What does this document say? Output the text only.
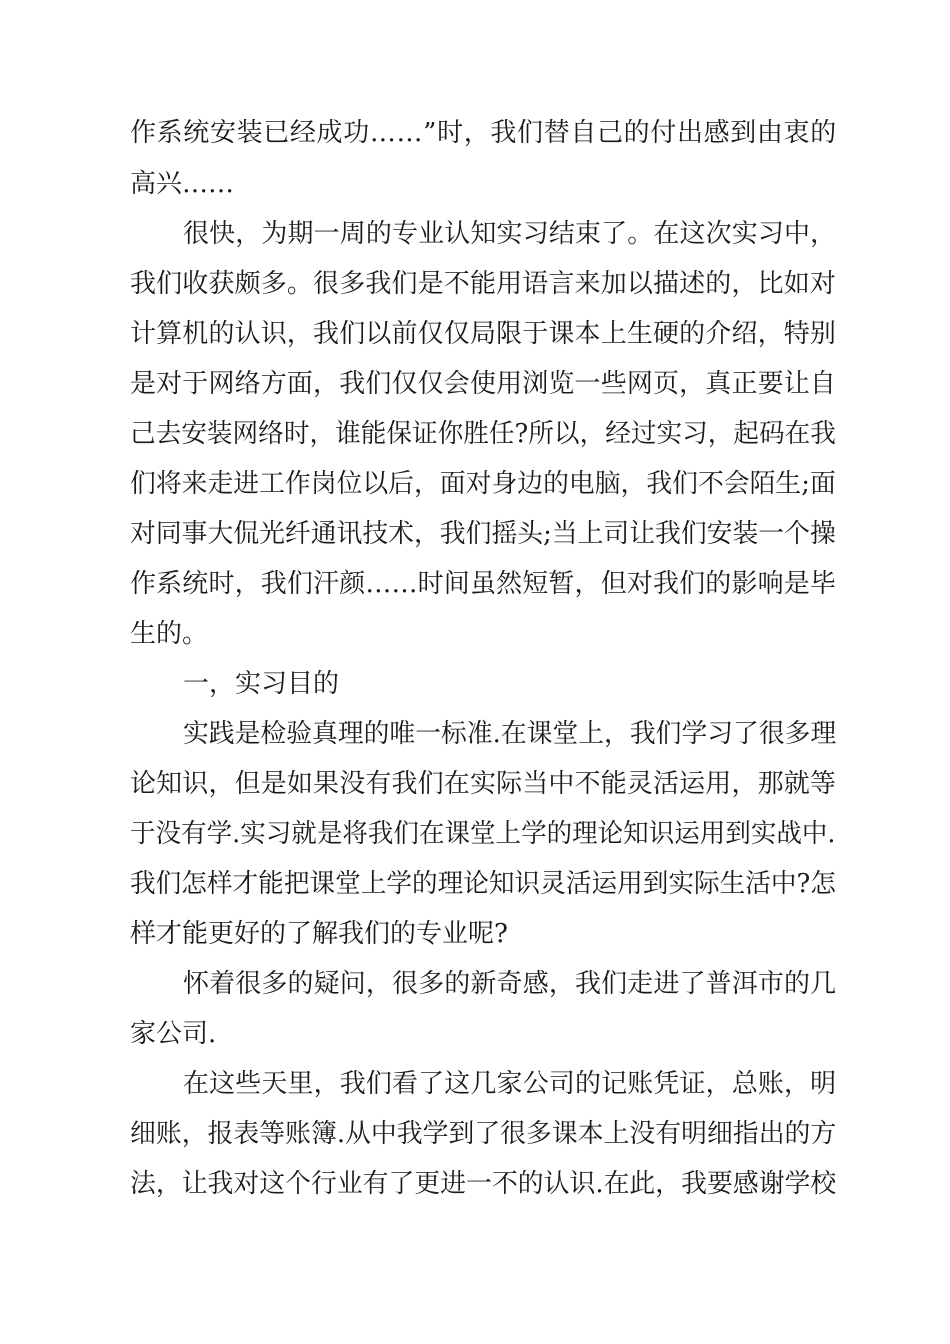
作系统安装已经成功……”时，我们替自己的付出感到由衷的

高兴……

很快，为期一周的专业认知实习结束了。在这次实习中，

我们收获颇多。很多我们是不能用语言来加以描述的，比如对

计算机的认识，我们以前仅仅局限于课本上生硬的介绍，特别

是对于网络方面，我们仅仅会使用浏览一些网页，真正要让自

己去安装网络时，谁能保证你胜任?所以，经过实习，起码在我

们将来走进工作岗位以后，面对身边的电脑，我们不会陌生;面

对同事大侃光纤通讯技术，我们摇头;当上司让我们安装一个操

作系统时，我们汗颜……时间虽然短暂，但对我们的影响是毕

生的。

一，实习目的

实践是检验真理的唯一标准.在课堂上，我们学习了很多理

论知识，但是如果没有我们在实际当中不能灵活运用，那就等

于没有学.实习就是将我们在课堂上学的理论知识运用到实战中.

我们怎样才能把课堂上学的理论知识灵活运用到实际生活中?怎

样才能更好的了解我们的专业呢?

怀着很多的疑问，很多的新奇感，我们走进了普洱市的几

家公司.

在这些天里，我们看了这几家公司的记账凭证，总账，明

细账，报表等账簿.从中我学到了很多课本上没有明细指出的方

法，让我对这个行业有了更进一不的认识.在此，我要感谢学校
